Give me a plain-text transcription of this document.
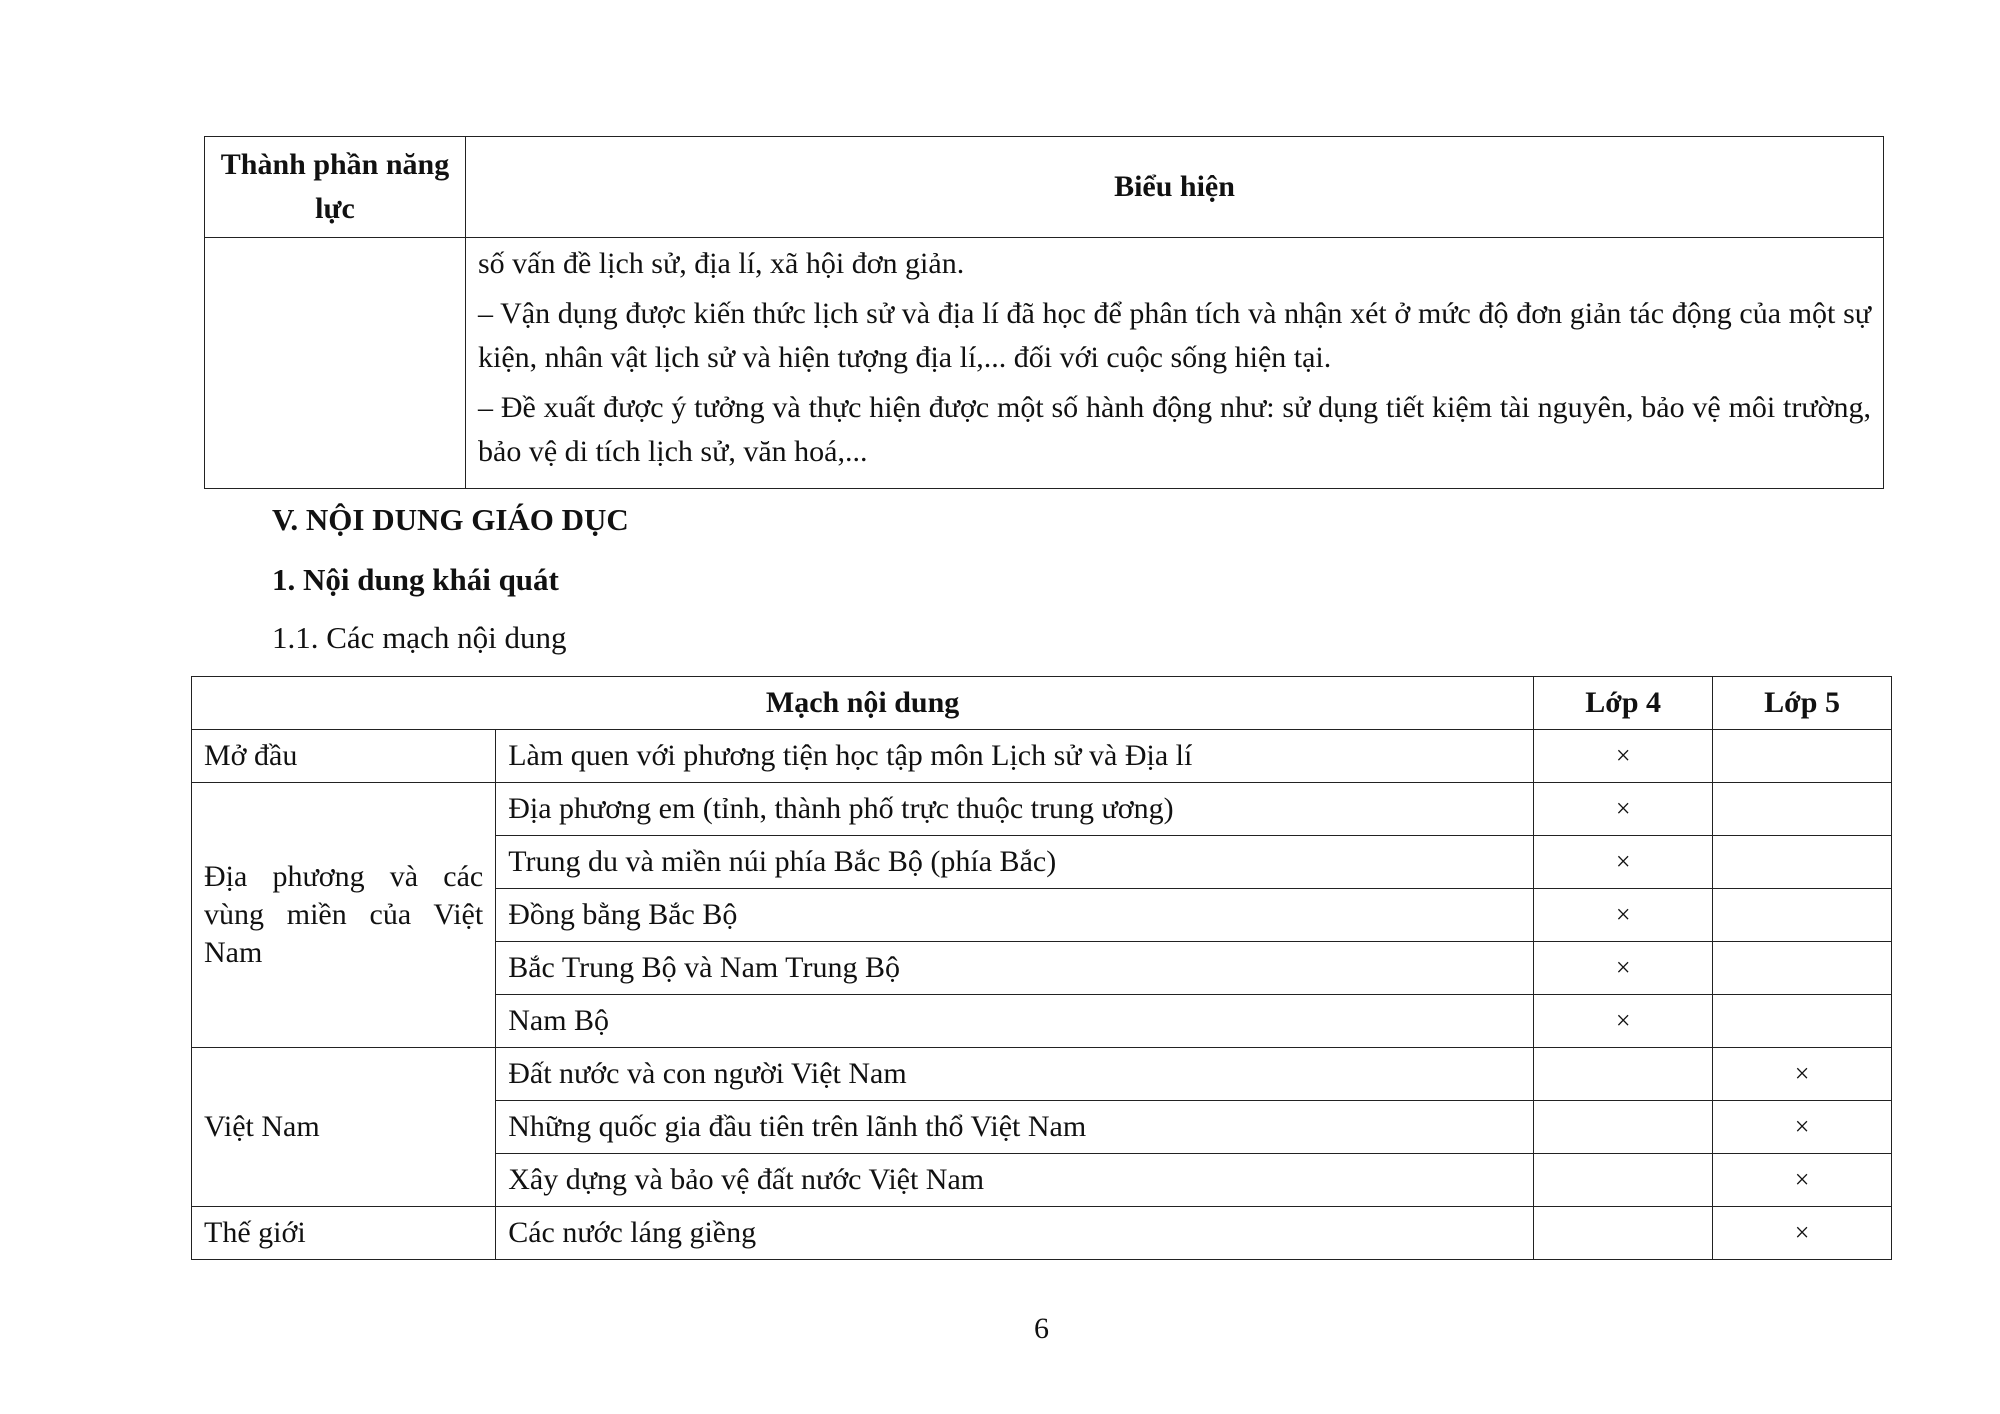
Thành phần năng lực	Biểu hiện

	số vấn đề lịch sử, địa lí, xã hội đơn giản.

– Vận dụng được kiến thức lịch sử và địa lí đã học để phân tích và nhận xét ở mức độ đơn giản tác động của một sự kiện, nhân vật lịch sử và hiện tượng địa lí,... đối với cuộc sống hiện tại.

– Đề xuất được ý tưởng và thực hiện được một số hành động như: sử dụng tiết kiệm tài nguyên, bảo vệ môi trường, bảo vệ di tích lịch sử, văn hoá,...

V. NỘI DUNG GIÁO DỤC

1. Nội dung khái quát

1.1. Các mạch nội dung

Mạch nội dung		Lớp 4	Lớp 5
Mở đầu	Làm quen với phương tiện học tập môn Lịch sử và Địa lí	×	
Địa phương và các vùng miền của Việt Nam	Địa phương em (tỉnh, thành phố trực thuộc trung ương)	×	
	Trung du và miền núi phía Bắc Bộ (phía Bắc)	×	
	Đồng bằng Bắc Bộ	×	
	Bắc Trung Bộ và Nam Trung Bộ	×	
	Nam Bộ	×	
Việt Nam	Đất nước và con người Việt Nam		×
	Những quốc gia đầu tiên trên lãnh thổ Việt Nam		×
	Xây dựng và bảo vệ đất nước Việt Nam		×
Thế giới	Các nước láng giềng		×
6
